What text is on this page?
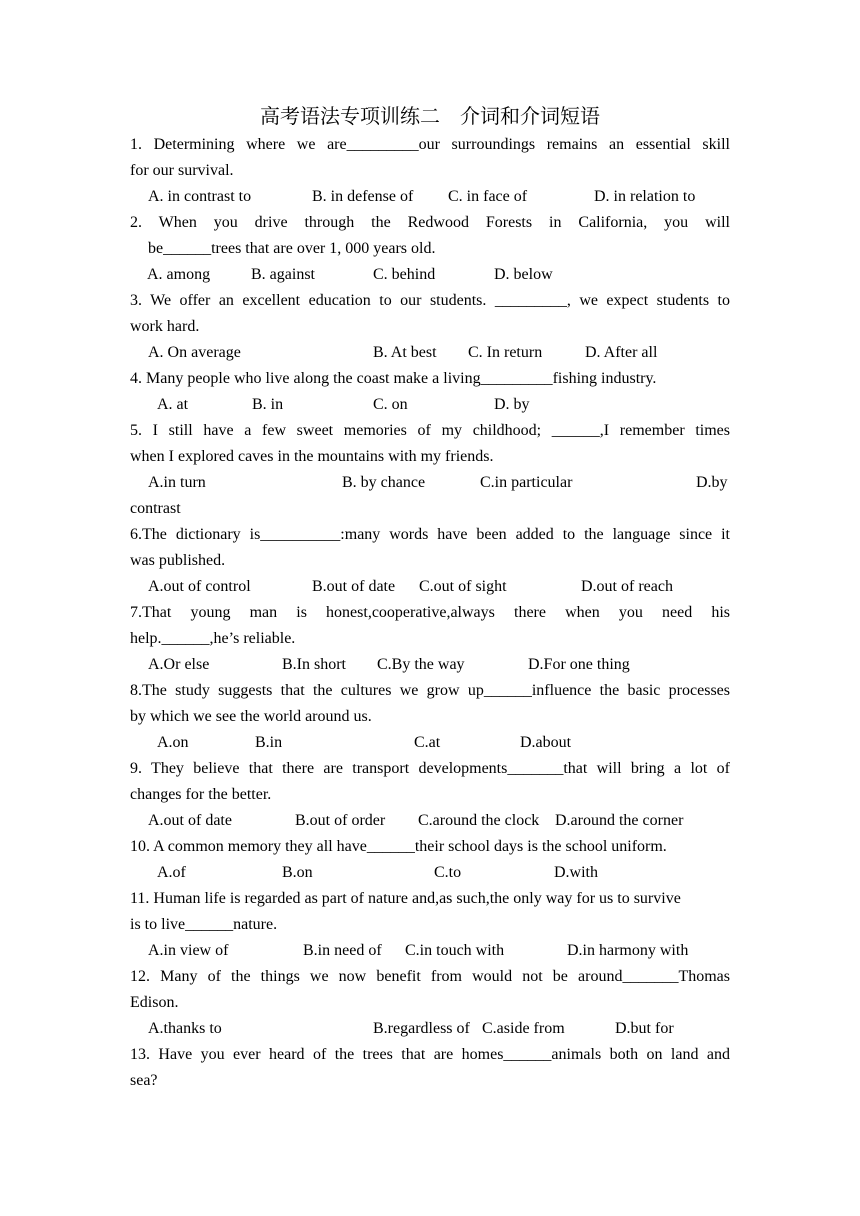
高考语法专项训练二　介词和介词短语
1. Determining where we are_________our surroundings remains an essential skill
for our survival.
A. in contrast to	B. in defense of C. in face of	D. in relation to
2. When you drive through the Redwood Forests in California, you will
be______trees that are over 1, 000 years old.
A. among	B. against	C. behind	D. below
3. We offer an excellent education to our students. _________, we expect students to
work hard.
A. On average	B. At best C. In return	D. After all
4. Many people who live along the coast make a living_________fishing industry.
A. at	B. in	C. on	D. by
5. I still have a few sweet memories of my childhood; ______,I remember times
when I explored caves in the mountains with my friends.
A.in turn	B. by chance	C.in particular	D.by
contrast
6.The dictionary is__________:many words have been added to the language since it
was published.
A.out of control	B.out of date C.out of sight	D.out of reach
7.That young man is honest,cooperative,always there when you need his
help.______,he’s reliable.
A.Or else	B.In short C.By the way	D.For one thing
8.The study suggests that the cultures we grow up______influence the basic processes
by which we see the world around us.
A.on	B.in	C.at	D.about
9. They believe that there are transport developments_______that will bring a lot of
changes for the better.
A.out of date	B.out of order C.around the clock D.around the corner
10. A common memory they all have______their school days is the school uniform.
A.of	B.on	C.to	D.with
11. Human life is regarded as part of nature and,as such,the only way for us to survive
is to live______nature.
A.in view of	B.in need of C.in touch with	D.in harmony with
12. Many of the things we now benefit from would not be around_______Thomas
Edison.
A.thanks to	B.regardless of C.aside from	D.but for
13. Have you ever heard of the trees that are homes______animals both on land and
sea?
